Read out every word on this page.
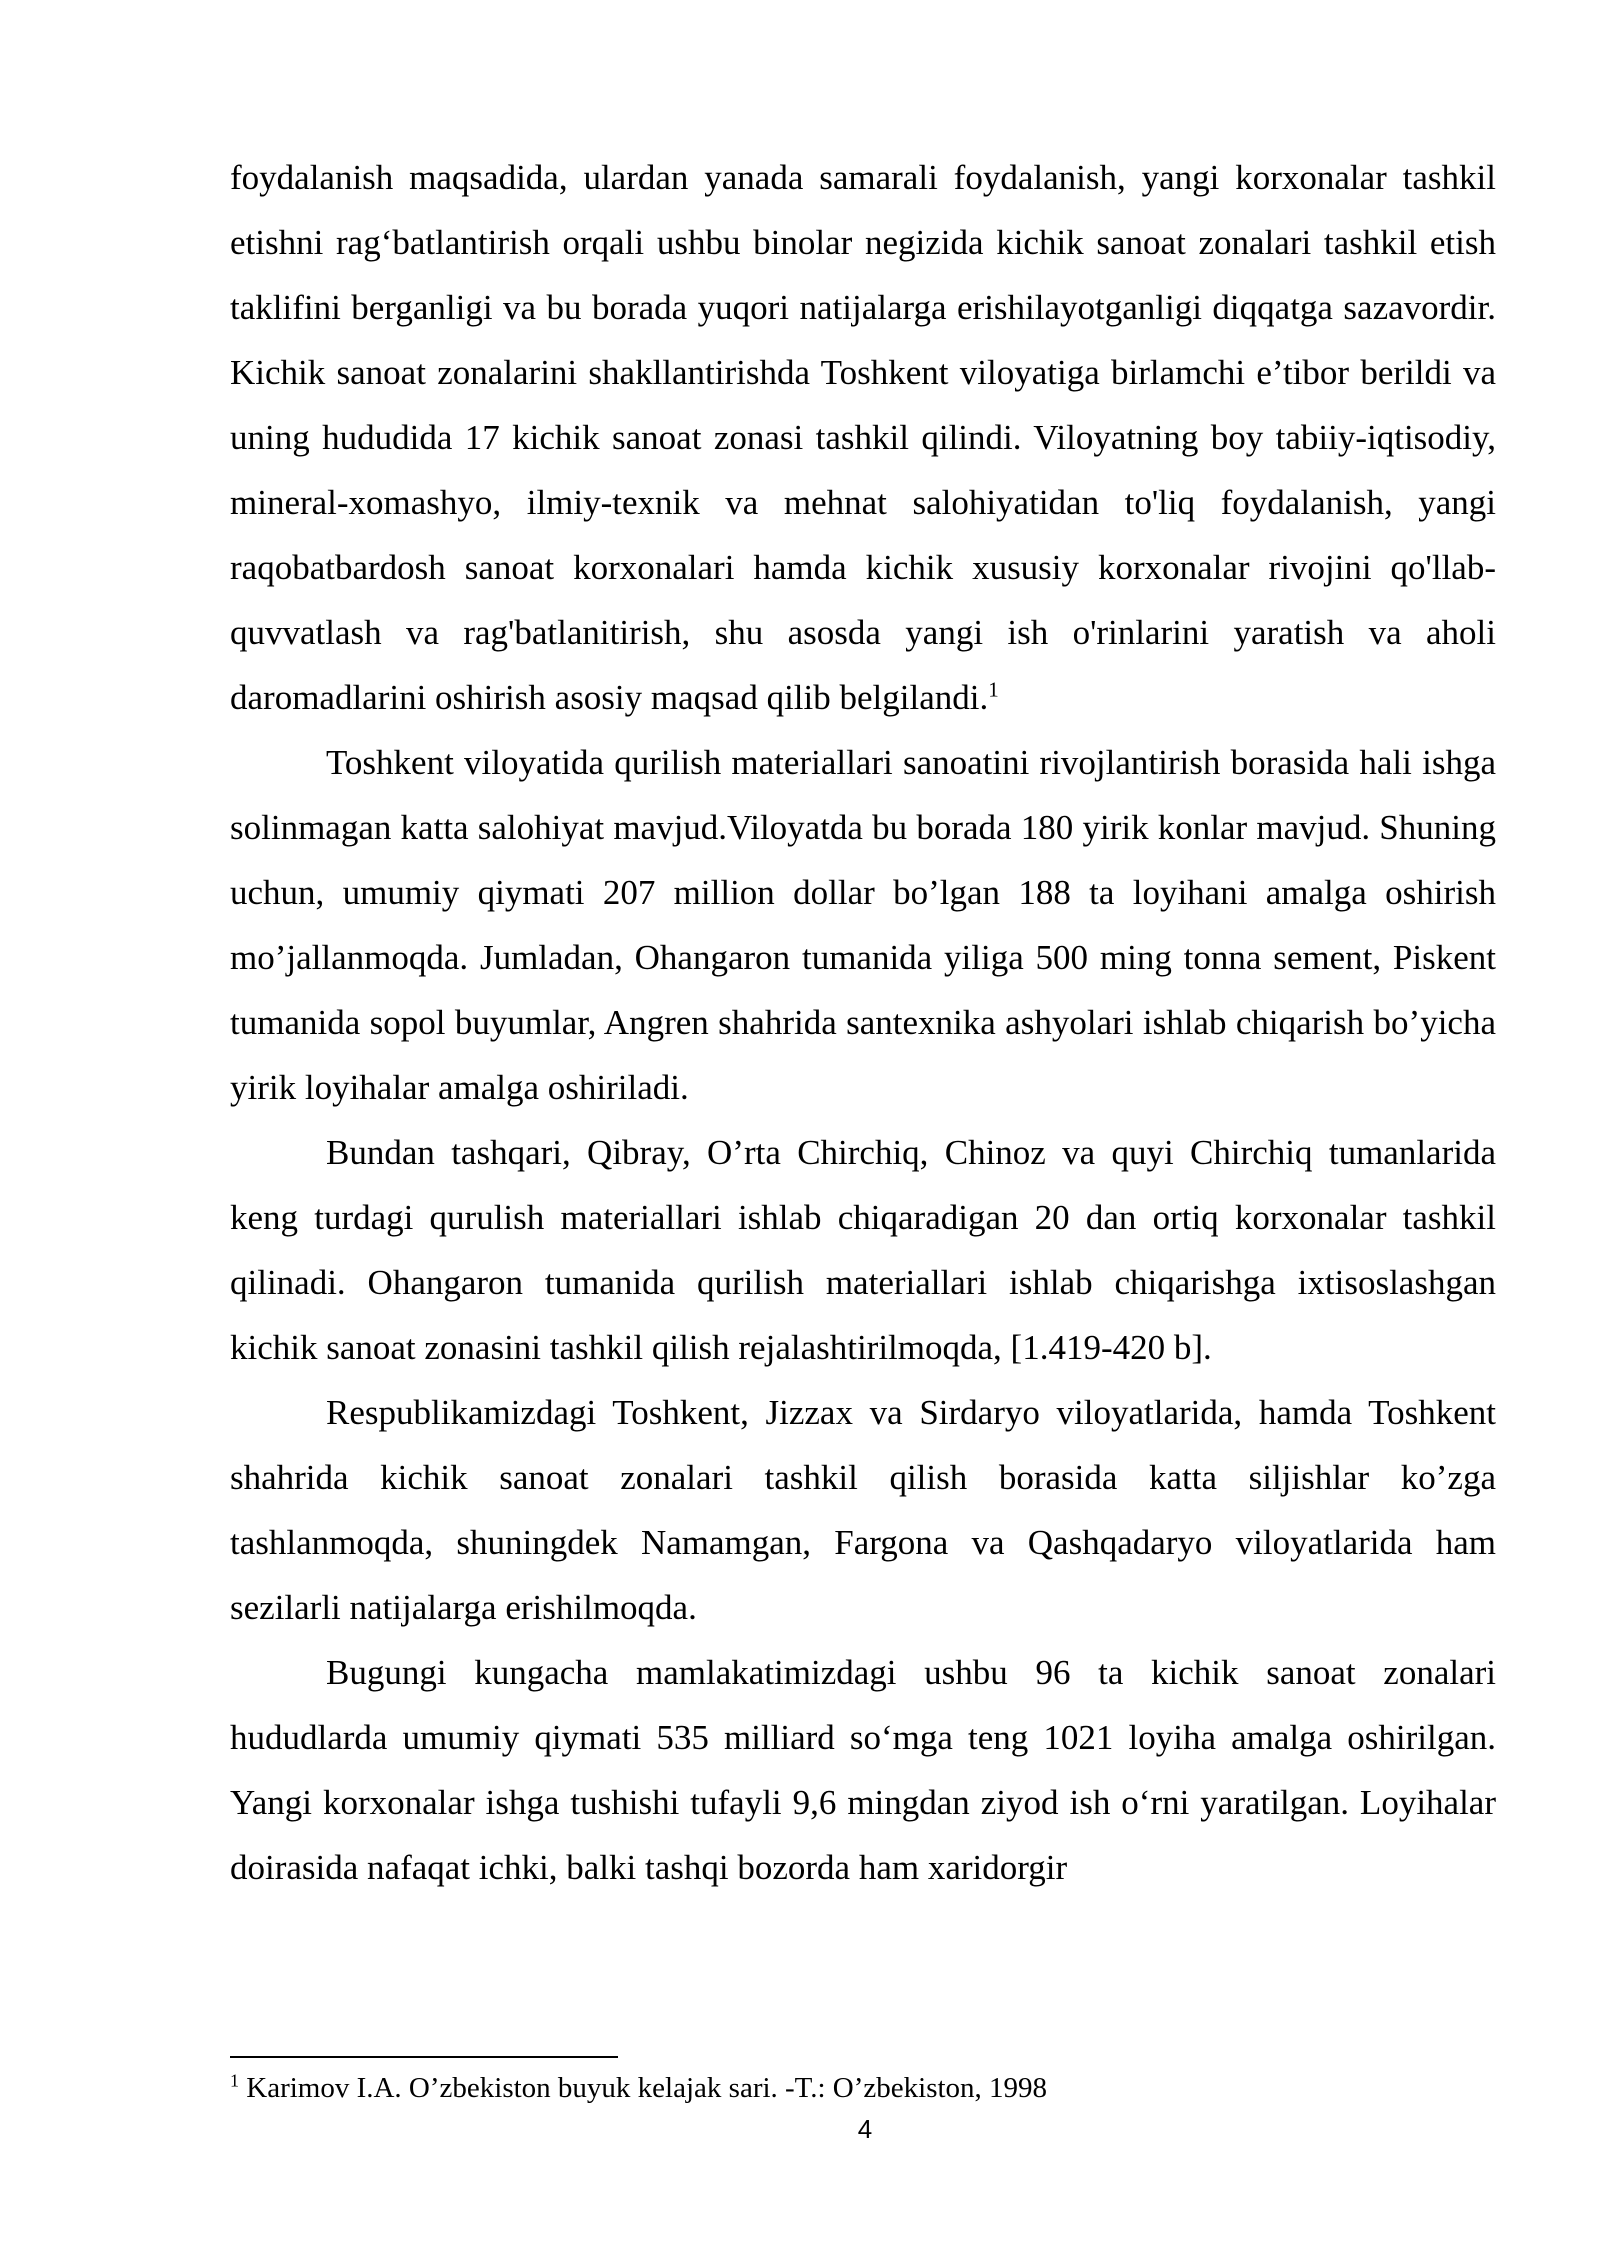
foydalanish maqsadida, ulardan yanada samarali foydalanish, yangi korxonalar tashkil etishni rag‘batlantirish orqali ushbu binolar negizida kichik sanoat zonalari tashkil etish taklifini berganligi va bu borada yuqori natijalarga erishilayotganligi diqqatga sazavordir. Kichik sanoat zonalarini shakllantirishda Toshkent viloyatiga birlamchi e’tibor berildi va uning hududida 17 kichik sanoat zonasi tashkil qilindi. Viloyatning boy tabiiy-iqtisodiy, mineral-xomashyo, ilmiy-texnik va mehnat salohiyatidan to'liq foydalanish, yangi raqobatbardosh sanoat korxonalari hamda kichik xususiy korxonalar rivojini qo'llab-quvvatlash va rag'batlanitirish, shu asosda yangi ish o'rinlarini yaratish va aholi daromadlarini oshirish asosiy maqsad qilib belgilandi.$^1$

Toshkent viloyatida qurilish materiallari sanoatini rivojlantirish borasida hali ishga solinmagan katta salohiyat mavjud.Viloyatda bu borada 180 yirik konlar mavjud. Shuning uchun, umumiy qiymati 207 million dollar bo’lgan 188 ta loyihani amalga oshirish mo’jallanmoqda. Jumladan, Ohangaron tumanida yiliga 500 ming tonna sement, Piskent tumanida sopol buyumlar, Angren shahrida santexnika ashyolari ishlab chiqarish bo’yicha yirik loyihalar amalga oshiriladi.

Bundan tashqari, Qibray, O’rta Chirchiq, Chinoz va quyi Chirchiq tumanlarida keng turdagi qurulish materiallari ishlab chiqaradigan 20 dan ortiq korxonalar tashkil qilinadi. Ohangaron tumanida qurilish materiallari ishlab chiqarishga ixtisoslashgan kichik sanoat zonasini tashkil qilish rejalashtirilmoqda, [1.419-420 b].

Respublikamizdagi Toshkent, Jizzax va Sirdaryo viloyatlarida, hamda Toshkent shahrida kichik sanoat zonalari tashkil qilish borasida katta siljishlar ko’zga tashlanmoqda, shuningdek Namamgan, Fargona va Qashqadaryo viloyatlarida ham sezilarli natijalarga erishilmoqda.

Bugungi kungacha mamlakatimizdagi ushbu 96 ta kichik sanoat zonalari hududlarda umumiy qiymati 535 milliard so‘mga teng 1021 loyiha amalga oshirilgan. Yangi korxonalar ishga tushishi tufayli 9,6 mingdan ziyod ish o‘rni yaratilgan. Loyihalar doirasida nafaqat ichki, balki tashqi bozorda ham xaridorgir

$^1$ Karimov I.A. O’zbekiston buyuk kelajak sari. -T.: O’zbekiston, 1998

4
